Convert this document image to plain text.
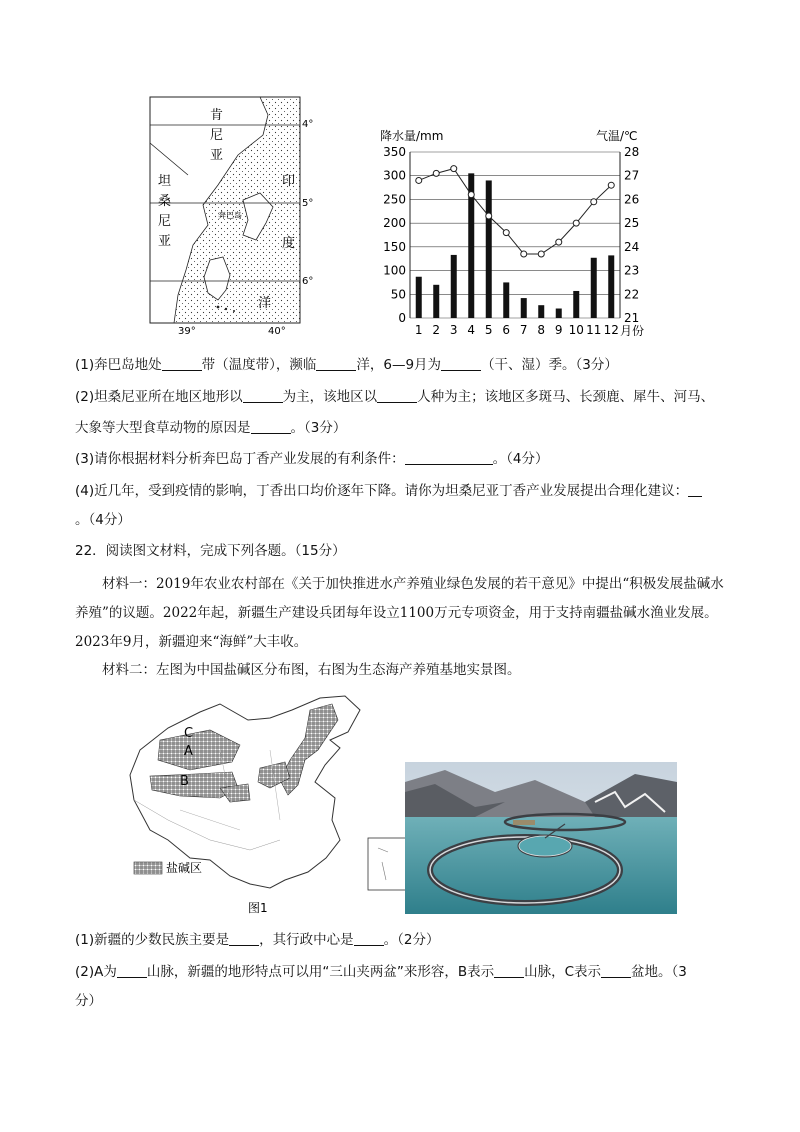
肯
尼
亚
坦
桑
尼
亚
印
度
洋
奔巴岛
4°
5°
6°
39°	40°
降水量/mm	气温/℃
350
300
250
200
150
100
50
0
28
27
26
25
24
23
22
21
1 2 3 4 5 6 7 8 9 10 11 12 月份
(1)奔巴岛地处	带（温度带），濒临	洋，6—9月为	（干、湿）季。（3分）
(2)坦桑尼亚所在地区地形以	为主，该地区以	人种为主；该地区多斑马、长颈鹿、犀牛、河马、
大象等大型食草动物的原因是	。（3分）
(3)请你根据材料分析奔巴岛丁香产业发展的有利条件：	。（4分）
(4)近几年，受到疫情的影响，丁香出口均价逐年下降。请你为坦桑尼亚丁香产业发展提出合理化建议：
。（4分）
22．阅读图文材料，完成下列各题。（15分）
材料一：2019年农业农村部在《关于加快推进水产养殖业绿色发展的若干意见》中提出“积极发展盐碱水养殖”的议题。2022年起，新疆生产建设兵团每年设立1100万元专项资金，用于支持南疆盐碱水渔业发展。2023年9月，新疆迎来“海鲜”大丰收。
材料二：左图为中国盐碱区分布图，右图为生态海产养殖基地实景图。
C
A
B
盐碱区
图1
(1)新疆的少数民族主要是 ，其行政中心是 。（2分）
(2)A为 山脉，新疆的地形特点可以用“三山夹两盆”来形容，B表示 山脉，C表示 盆地。（3
分）
